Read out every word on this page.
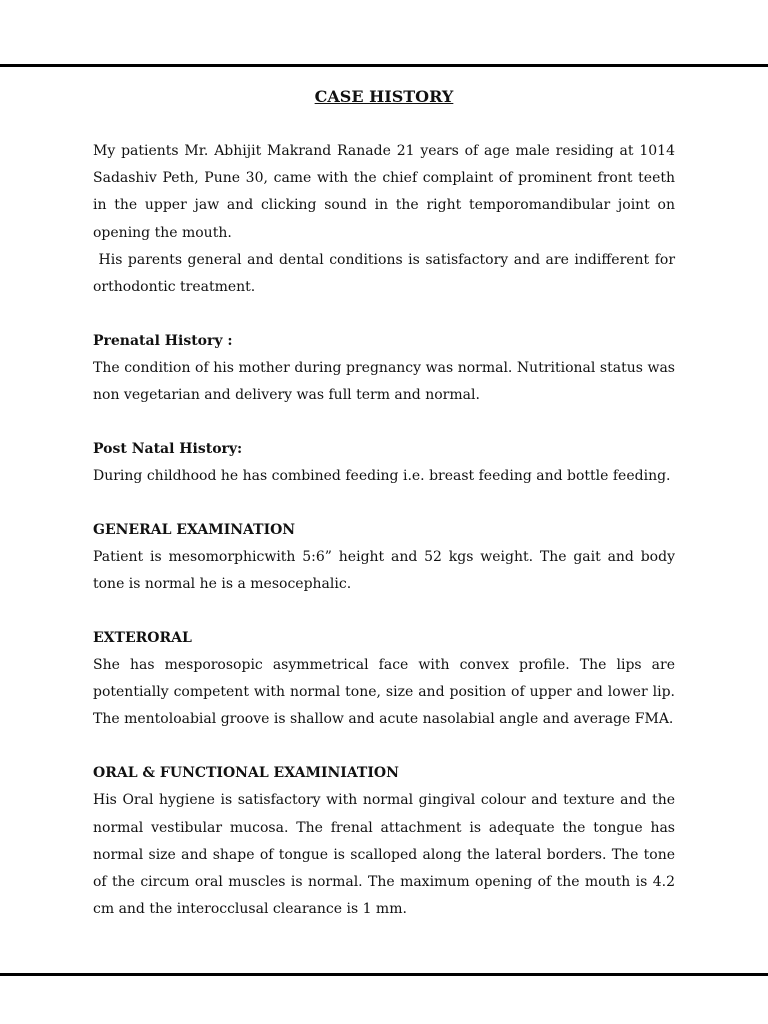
CASE HISTORY

My patients Mr. Abhijit Makrand Ranade 21 years of age male residing at 1014 Sadashiv Peth, Pune 30, came with the chief complaint of prominent front teeth in the upper jaw and clicking sound in the right temporomandibular joint on opening the mouth.

His parents general and dental conditions is satisfactory and are indifferent for orthodontic treatment.

Prenatal History :

The condition of his mother during pregnancy was normal. Nutritional status was non vegetarian and delivery was full term and normal.

Post Natal History:

During childhood he has combined feeding i.e. breast feeding and bottle feeding.

GENERAL EXAMINATION

Patient is mesomorphicwith 5:6” height and 52 kgs weight. The gait and body tone is normal he is a mesocephalic.

EXTERORAL

She has mesporosopic asymmetrical face with convex profile. The lips are potentially competent with normal tone, size and position of upper and lower lip. The mentoloabial groove is shallow and acute nasolabial angle and average FMA.

ORAL & FUNCTIONAL EXAMINIATION

His Oral hygiene is satisfactory with normal gingival colour and texture and the normal vestibular mucosa. The frenal attachment is adequate the tongue has normal size and shape of tongue is scalloped along the lateral borders. The tone of the circum oral muscles is normal. The maximum opening of the mouth is 4.2 cm and the interocclusal clearance is 1 mm.
